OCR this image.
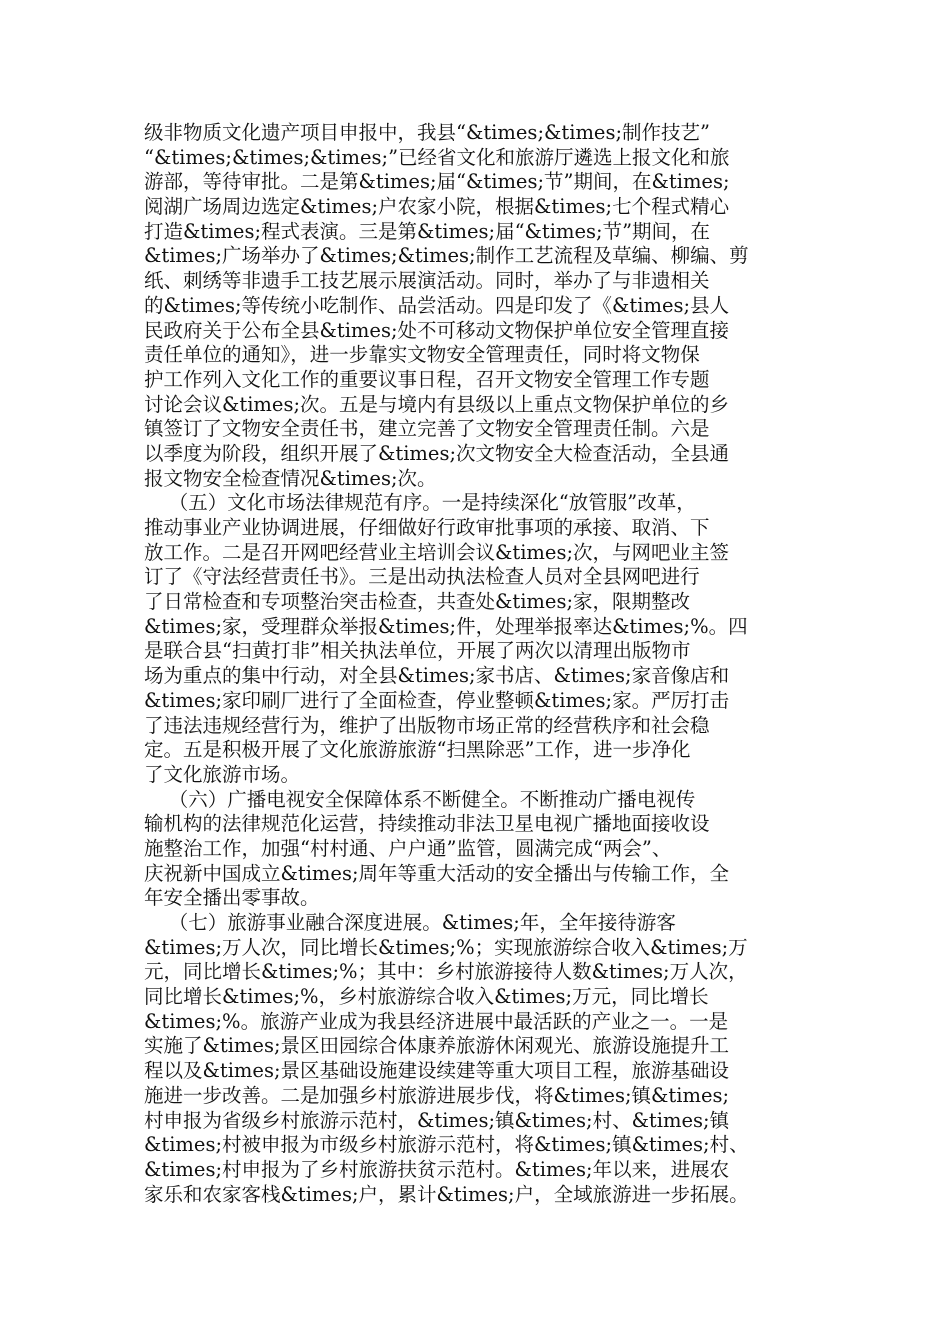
级非物质文化遗产项目申报中，我县“&times;&times;制作技艺”
“&times;&times;&times;”已经省文化和旅游厅遴选上报文化和旅
游部，等待审批。二是第&times;届“&times;节”期间，在&times;
阅湖广场周边选定&times;户农家小院，根据&times;七个程式精心
打造&times;程式表演。三是第&times;届“&times;节”期间，在
&times;广场举办了&times;&times;制作工艺流程及草编、柳编、剪
纸、刺绣等非遗手工技艺展示展演活动。同时，举办了与非遗相关
的&times;等传统小吃制作、品尝活动。四是印发了《&times;县人
民政府关于公布全县&times;处不可移动文物保护单位安全管理直接
责任单位的通知》，进一步靠实文物安全管理责任，同时将文物保
护工作列入文化工作的重要议事日程，召开文物安全管理工作专题
讨论会议&times;次。五是与境内有县级以上重点文物保护单位的乡
镇签订了文物安全责任书，建立完善了文物安全管理责任制。六是
以季度为阶段，组织开展了&times;次文物安全大检查活动，全县通
报文物安全检查情况&times;次。
（五）文化市场法律规范有序。一是持续深化“放管服”改革，
推动事业产业协调进展，仔细做好行政审批事项的承接、取消、下
放工作。二是召开网吧经营业主培训会议&times;次，与网吧业主签
订了《守法经营责任书》。三是出动执法检查人员对全县网吧进行
了日常检查和专项整治突击检查，共查处&times;家，限期整改
&times;家，受理群众举报&times;件，处理举报率达&times;%。四
是联合县“扫黄打非”相关执法单位，开展了两次以清理出版物市
场为重点的集中行动，对全县&times;家书店、&times;家音像店和
&times;家印刷厂进行了全面检查，停业整顿&times;家。严厉打击
了违法违规经营行为，维护了出版物市场正常的经营秩序和社会稳
定。五是积极开展了文化旅游旅游“扫黑除恶”工作，进一步净化
了文化旅游市场。
（六）广播电视安全保障体系不断健全。不断推动广播电视传
输机构的法律规范化运营，持续推动非法卫星电视广播地面接收设
施整治工作，加强“村村通、户户通”监管，圆满完成“两会”、
庆祝新中国成立&times;周年等重大活动的安全播出与传输工作，全
年安全播出零事故。
（七）旅游事业融合深度进展。&times;年，全年接待游客
&times;万人次，同比增长&times;%；实现旅游综合收入&times;万
元，同比增长&times;%；其中：乡村旅游接待人数&times;万人次，
同比增长&times;%，乡村旅游综合收入&times;万元，同比增长
&times;%。旅游产业成为我县经济进展中最活跃的产业之一。一是
实施了&times;景区田园综合体康养旅游休闲观光、旅游设施提升工
程以及&times;景区基础设施建设续建等重大项目工程，旅游基础设
施进一步改善。二是加强乡村旅游进展步伐，将&times;镇&times;
村申报为省级乡村旅游示范村，&times;镇&times;村、&times;镇
&times;村被申报为市级乡村旅游示范村，将&times;镇&times;村、
&times;村申报为了乡村旅游扶贫示范村。&times;年以来，进展农
家乐和农家客栈&times;户，累计&times;户，全域旅游进一步拓展。
